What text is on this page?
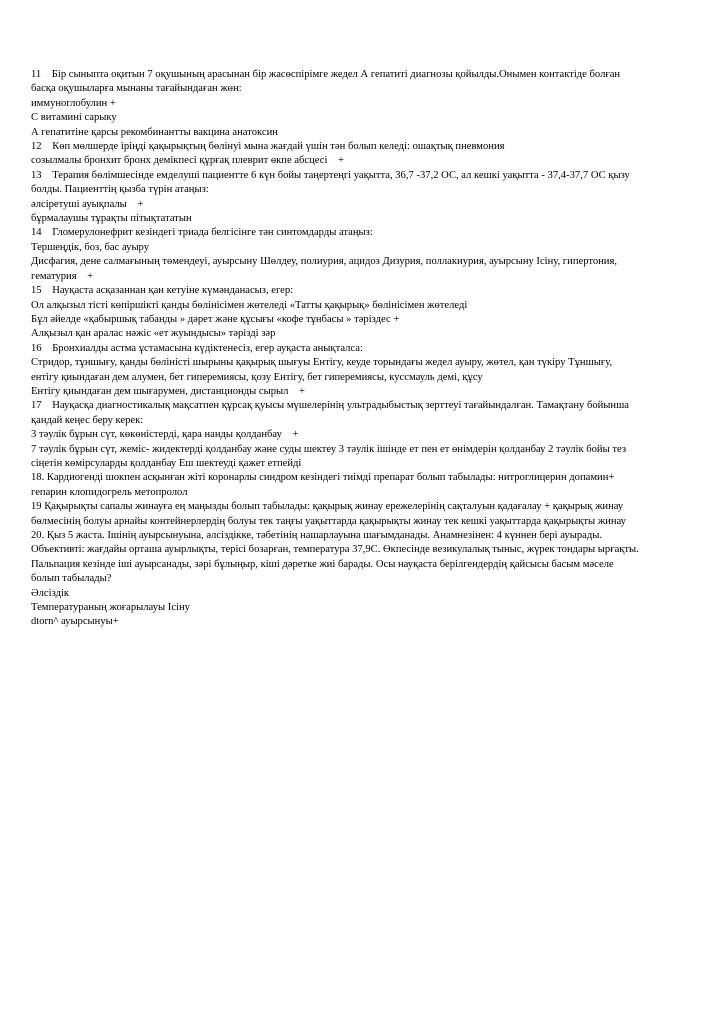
11    Бір сыныпта оқитын 7 оқушының арасынан бір жасөспірімге жедел А гепатиті диагнозы қойылды.Онымен контактіде болған
басқа оқушыларға мынаны тағайындаған жөн:
иммуноглобулин +
С витамині сарыку
А гепатитіне қарсы рекомбинантты вакцина анатоксин
12    Көп мөлшерде іріңді қақырықтың бөлінуі мына жағдай үшін тән болып келеді: ошақтық пневмония
созылмалы бронхит бронх демікпесі құрғақ плеврит өкпе абсцесі    +
13    Терапия бөлімшесінде емделуші пациентте 6 күн бойы таңертеңгі уақытта, 36,7 -37,2 ОС, ал кешкі уақытта - 37,4-37,7 ОС қызу
болды. Пациенттің қызба түрін атаңыз:
әлсіретуші ауықпалы    +
бұрмалаушы тұрақты пітықтататын
14    Гломерулонефрит кезіндегі триада белгісінге тән синтомдарды атаңыз:
Тершеңдік, боз, бас ауыру
Дисфагия, дене салмағының төмендеуі, ауырсыну Шөлдеу, полиурия, ацидоз Дизурия, поллакиурия, ауырсыну Ісіну, гипертония,
гематурия    +
15    Науқаста асқазаннан қан кетуіне күмәнданасыз, егер:
Ол алқызыл тісті көпіршікті қанды бөлінісімен жөтеледі «Татты қақырық» бөлінісімен жөтеледі
Бұл әйелде «қабыршық табанды » дәрет және құсығы «кофе тұнбасы » тәріздес +
Алқызыл қан аралас нәжіс «ет жуындысы» тәрізді зәр
16    Бронхиалды астма ұстамасына күдіктенесіз, егер ауқаста анықталса:
Стридор, тұншығу, қанды бөліністі шырыны қақырық шығуы Ентігу, кеуде торындағы жедел ауыру, жөтел, қан түкіру Тұншығу,
ентігу қиындаған дем алумен, бет гиперемиясы, қозу Ентігу, бет гиперемиясы, куссмауль демі, құсу
Ентігу қиындаған дем шығарумен, дистанционды сырыл    +
17    Науқасқа диагностикалық мақсатпен құрсақ қуысы мүшелерінің ультрадыбыстық зерттеуі тағайындалған. Тамақтану бойынша
қандай кеңес беру керек:
3 тәулік бұрын сүт, көкөністерді, қара нанды қолданбау    +
7 тәулік бұрын сүт, жеміс- жидектерді қолданбау және суды шектеу 3 тәулік ішінде ет пен ет өнімдерін қолданбау 2 тәулік бойы тез
сіңетін көмірсуларды қолданбау Еш шектеуді қажет етпейді
18. Кардиогенді шокпен асқынған жіті коронарлы синдром кезіндегі тиімді препарат болып табылады: нитроглицерин допамин+
гепарин клопидогрель метопролол
19 Қақырықты сапалы жинауға ең маңызды болып табылады: қақырық жинау ережелерінің сақталуын қадағалау + қақырық жинау
бөлмесінің болуы арнайы контейнерлердің болуы тек таңғы уақыттарда қақырықты жинау тек кешкі уақыттарда қақырықты жинау
20. Қыз 5 жаста. Ішінің ауырсынуына, әлсіздікке, тәбетінің нашарлауына шағымданады. Анамнезінен: 4 күннен бері ауырады.
Объективті: жағдайы орташа ауырлықты, терісі бозарған, температура 37,9С. Өкпесінде везикулалық тыныс, жүрек тондары ырғақты.
Пальпация кезінде іші ауырсанады, зәрі бұлыңыр, кіші дәретке жиі барады. Осы науқаста берілгендердің қайсысы басым мәселе
болып табылады?
Әлсіздік
Температураның жоғарылауы Ісіну
dtorn^ ауырсынуы+
